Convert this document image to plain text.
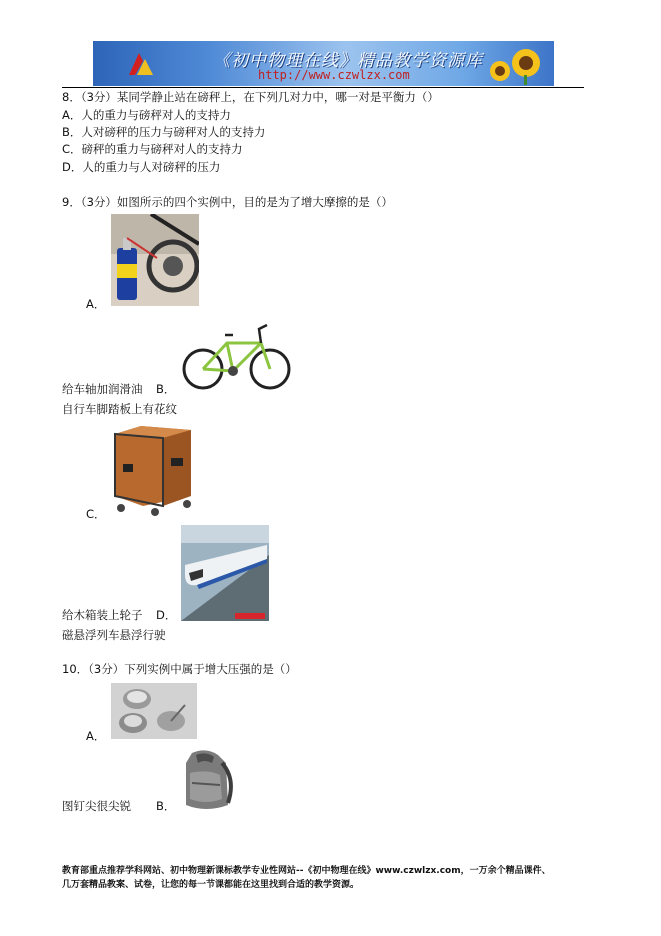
《初中物理在线》精品教学资源库
http://www.czwlzx.com
8．（3分）某同学静止站在磅秤上，在下列几对力中，哪一对是平衡力（）
A．人的重力与磅秤对人的支持力
B．人对磅秤的压力与磅秤对人的支持力
C．磅秤的重力与磅秤对人的支持力
D．人的重力与人对磅秤的压力
9．（3分）如图所示的四个实例中，目的是为了增大摩擦的是（）
A．
给车轴加润滑油 B．
自行车脚踏板上有花纹
C．
给木箱装上轮子 D．
磁悬浮列车悬浮行驶
10．（3分）下列实例中属于增大压强的是（）
A．
图钉尖很尖锐 B．
教育部重点推荐学科网站、初中物理新课标教学专业性网站--《初中物理在线》www.czwlzx.com，一万余个精品课件、
几万套精品教案、试卷，让您的每一节课都能在这里找到合适的教学资源。
